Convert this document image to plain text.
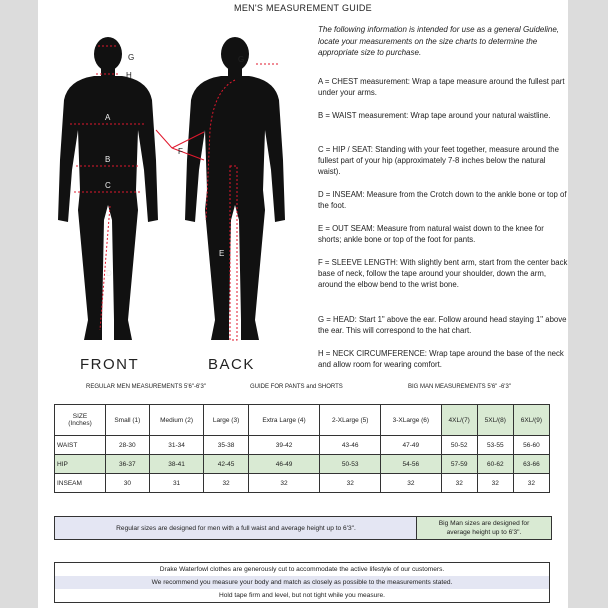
MEN'S MEASUREMENT GUIDE
A
B
C
D
E
F
G
H
G
FRONT	BACK
The following information is intended for use as a general Guideline, locate your measurements on the size charts to determine the appropriate size to purchase.
A = CHEST measurement: Wrap a tape measure around the fullest part under your arms.
B = WAIST measurement: Wrap tape around your natural waistline.
C = HIP / SEAT: Standing with your feet together, measure around the fullest part of your hip (approximately 7-8 inches below the natural waist).
D = INSEAM: Measure from the Crotch down to the ankle bone or top of the foot.
E = OUT SEAM: Measure from natural waist down to the knee for shorts; ankle bone or top of the foot for pants.
F = SLEEVE LENGTH: With slightly bent arm, start from the center back base of neck, follow the tape around your shoulder, down the arm, around the elbow bend to the wrist bone.
G = HEAD: Start 1" above the ear. Follow around head staying 1" above the ear. This will correspond to the hat chart.
H = NECK CIRCUMFERENCE: Wrap tape around the base of the neck and allow room for wearing comfort.
REGULAR MEN MEASUREMENTS 5'6"-6'3"	GUIDE FOR PANTS and SHORTS	BIG MAN MEASUREMENTS 5'6" -6'3"
SIZE
(Inches)	Small (1)	Medium (2)	Large (3)	Extra Large (4)	2-XLarge (5)	3-XLarge (6)	4XL/(7)	5XL/(8)	6XL/(9)
WAIST	28-30	31-34	35-38	39-42	43-46	47-49	50-52	53-55	56-60
HIP	36-37	38-41	42-45	46-49	50-53	54-56	57-59	60-62	63-66
INSEAM	30	31	32	32	32	32	32	32	32
Regular sizes are designed for men with a full waist and average height up to 6'3".
Big Man sizes are designed for
average height up to 6'3".
Drake Waterfowl clothes are generously cut to accommodate the active lifestyle of our customers.
We recommend you measure your body and match as closely as possible to the measurements stated.
Hold tape firm and level, but not tight while you measure.
